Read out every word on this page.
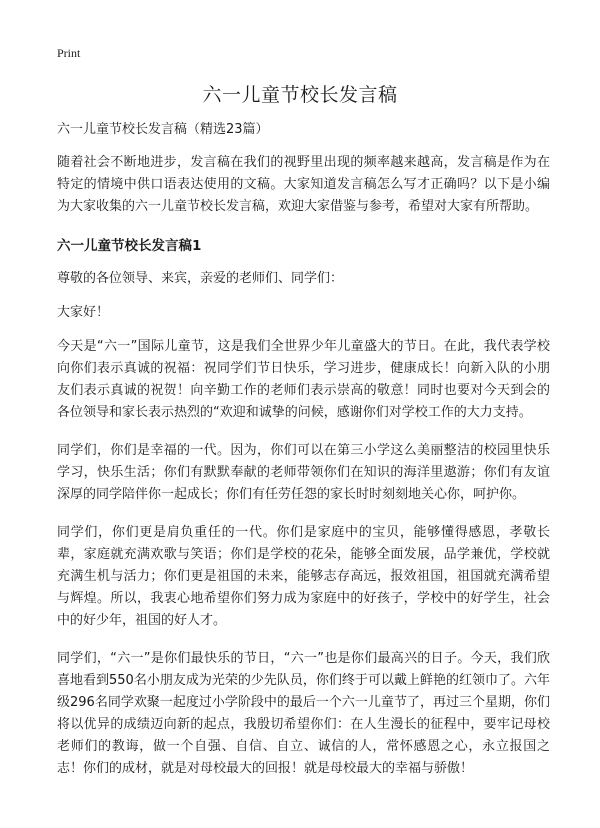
Print
六一儿童节校长发言稿

六一儿童节校长发言稿（精选23篇）

随着社会不断地进步，发言稿在我们的视野里出现的频率越来越高，发言稿是作为在特定的情境中供口语表达使用的文稿。大家知道发言稿怎么写才正确吗？以下是小编为大家收集的六一儿童节校长发言稿，欢迎大家借鉴与参考，希望对大家有所帮助。

六一儿童节校长发言稿1

尊敬的各位领导、来宾，亲爱的老师们、同学们：

大家好！

今天是“六一”国际儿童节，这是我们全世界少年儿童盛大的节日。在此，我代表学校向你们表示真诚的祝福：祝同学们节日快乐，学习进步，健康成长！向新入队的小朋友们表示真诚的祝贺！向辛勤工作的老师们表示崇高的敬意！同时也要对今天到会的各位领导和家长表示热烈的“欢迎和诚挚的问候，感谢你们对学校工作的大力支持。

同学们，你们是幸福的一代。因为，你们可以在第三小学这么美丽整洁的校园里快乐学习，快乐生活；你们有默默奉献的老师带领你们在知识的海洋里遨游；你们有友谊深厚的同学陪伴你一起成长；你们有任劳任怨的家长时时刻刻地关心你，呵护你。

同学们，你们更是肩负重任的一代。你们是家庭中的宝贝，能够懂得感恩，孝敬长辈，家庭就充满欢歌与笑语；你们是学校的花朵，能够全面发展，品学兼优，学校就充满生机与活力；你们更是祖国的未来，能够志存高远，报效祖国，祖国就充满希望与辉煌。所以，我衷心地希望你们努力成为家庭中的好孩子，学校中的好学生，社会中的好少年，祖国的好人才。

同学们，“六一”是你们最快乐的节日，“六一”也是你们最高兴的日子。今天，我们欣喜地看到550名小朋友成为光荣的少先队员，你们终于可以戴上鲜艳的红领巾了。六年级296名同学欢聚一起度过小学阶段中的最后一个六一儿童节了，再过三个星期，你们将以优异的成绩迈向新的起点，我殷切希望你们：在人生漫长的征程中，要牢记母校老师们的教诲，做一个自强、自信、自立、诚信的人，常怀感恩之心，永立报国之志！你们的成材，就是对母校最大的回报！就是母校最大的幸福与骄傲！
